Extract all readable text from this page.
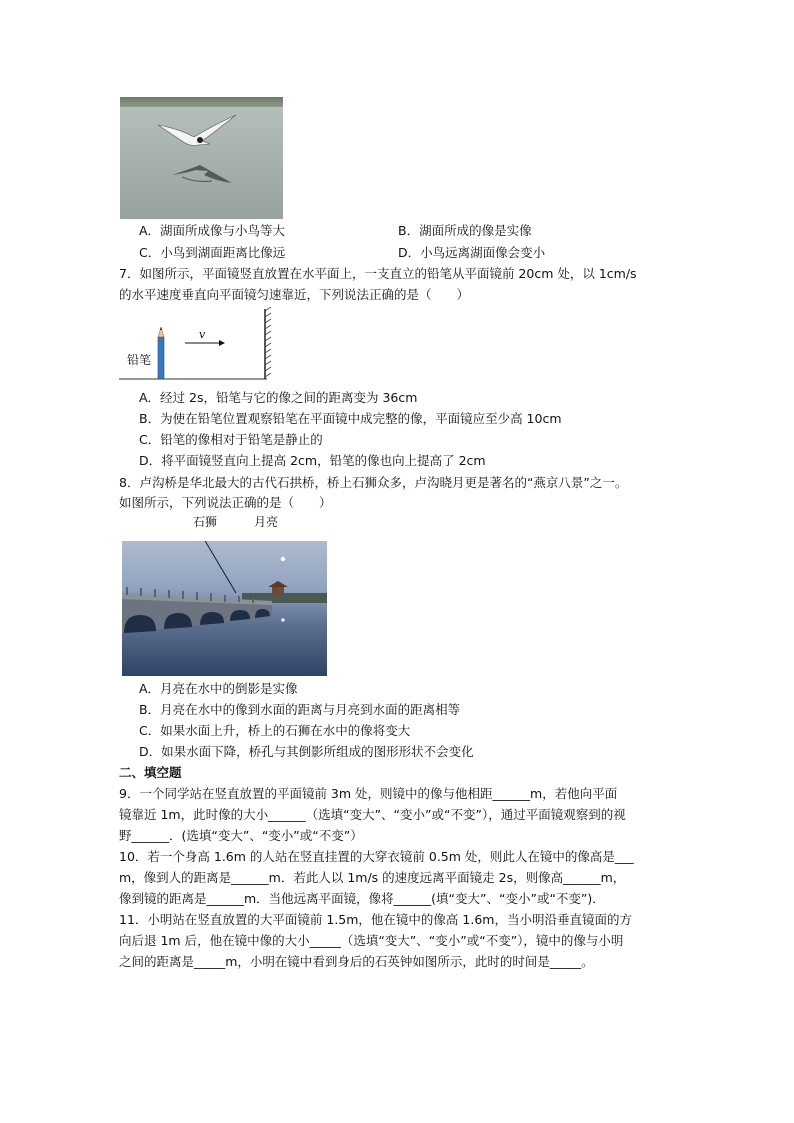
A．湖面所成像与小鸟等大	B．湖面所成的像是实像
C．小鸟到湖面距离比像远	D．小鸟远离湖面像会变小
7．如图所示，平面镜竖直放置在水平面上，一支直立的铅笔从平面镜前 20cm 处，以 1cm/s
的水平速度垂直向平面镜匀速靠近，下列说法正确的是（　　）
铅笔
v
A．经过 2s，铅笔与它的像之间的距离变为 36cm
B．为使在铅笔位置观察铅笔在平面镜中成完整的像，平面镜应至少高 10cm
C．铅笔的像相对于铅笔是静止的
D．将平面镜竖直向上提高 2cm，铅笔的像也向上提高了 2cm
8．卢沟桥是华北最大的古代石拱桥，桥上石狮众多，卢沟晓月更是著名的“燕京八景”之一。
如图所示，下列说法正确的是（　　）
石狮	月亮
A．月亮在水中的倒影是实像
B．月亮在水中的像到水面的距离与月亮到水面的距离相等
C．如果水面上升，桥上的石狮在水中的像将变大
D．如果水面下降，桥孔与其倒影所组成的图形形状不会变化
二、填空题
9．一个同学站在竖直放置的平面镜前 3m 处，则镜中的像与他相距______m，若他向平面
镜靠近 1m，此时像的大小______（选填“变大”、“变小”或“不变”），通过平面镜观察到的视
野______．(选填“变大”、“变小”或“不变”）
10．若一个身高 1.6m 的人站在竖直挂置的大穿衣镜前 0.5m 处，则此人在镜中的像高是___
m，像到人的距离是______m．若此人以 1m/s 的速度远离平面镜走 2s，则像高______m，
像到镜的距离是______m．当他远离平面镜，像将______(填“变大”、“变小”或“不变”)．
11．小明站在竖直放置的大平面镜前 1.5m，他在镜中的像高 1.6m，当小明沿垂直镜面的方
向后退 1m 后，他在镜中像的大小_____（选填“变大”、“变小”或“不变”），镜中的像与小明
之间的距离是_____m，小明在镜中看到身后的石英钟如图所示，此时的时间是_____。
